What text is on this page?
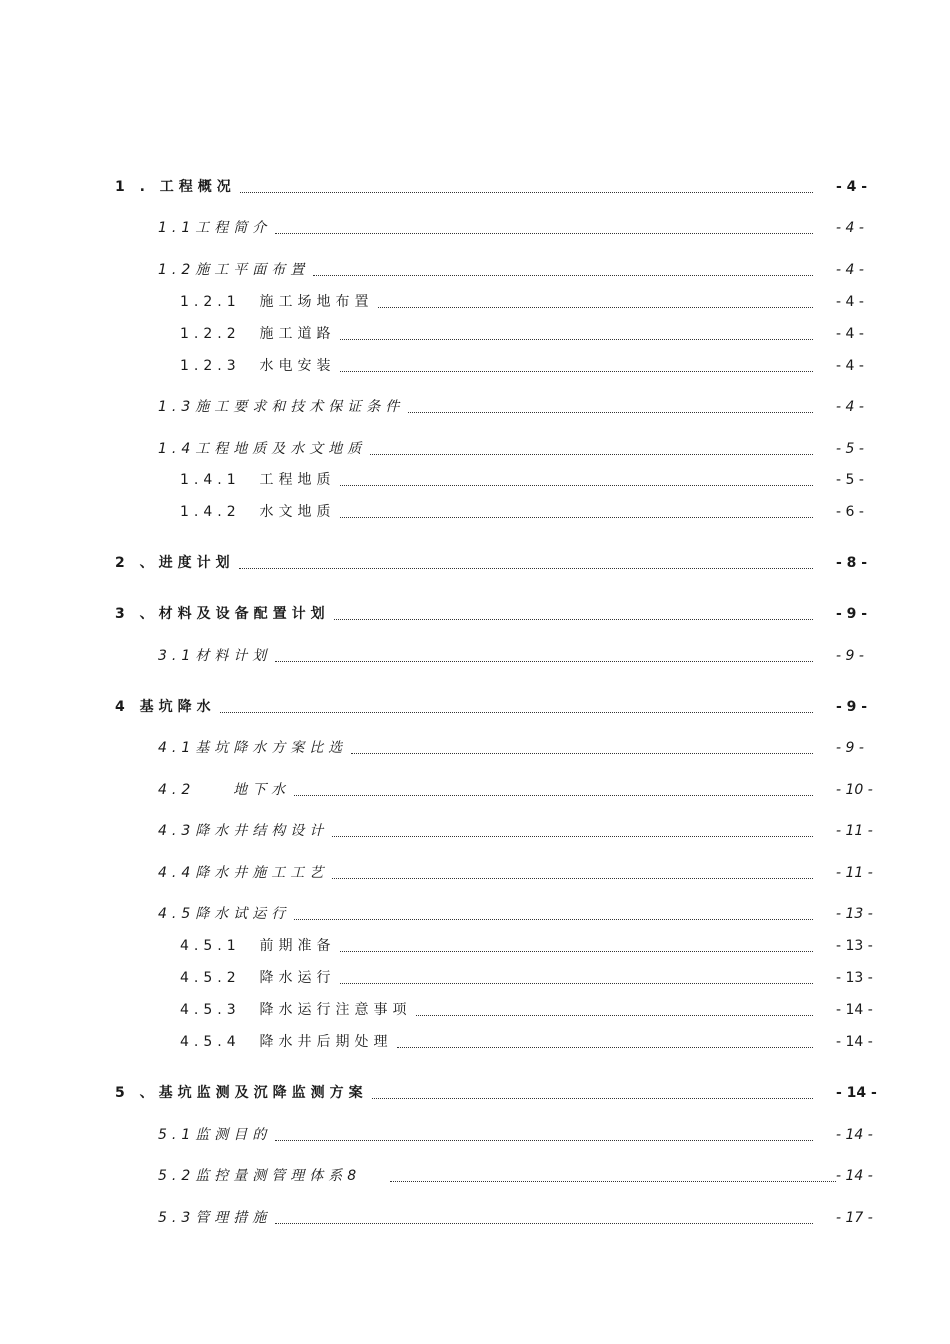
1 . 工程概况	- 4 -
1.1工程简介	- 4 -
1.2施工平面布置	- 4 -
1.2.1  施工场地布置	- 4 -
1.2.2  施工道路	- 4 -
1.2.3  水电安装	- 4 -
1.3施工要求和技术保证条件	- 4 -
1.4工程地质及水文地质	- 5 -
1.4.1  工程地质	- 5 -
1.4.2  水文地质	- 6 -
2 、进度计划	- 8 -
3 、材料及设备配置计划	- 9 -
3.1材料计划	- 9 -
4 基坑降水	- 9 -
4.1基坑降水方案比选	- 9 -
4.2    地下水	- 10 -
4.3降水井结构设计	- 11 -
4.4降水井施工工艺	- 11 -
4.5降水试运行	- 13 -
4.5.1  前期准备	- 13 -
4.5.2  降水运行	- 13 -
4.5.3  降水运行注意事项	- 14 -
4.5.4  降水井后期处理	- 14 -
5 、基坑监测及沉降监测方案	- 14 -
5.1监测目的	- 14 -
5.2监控量测管理体系8	- 14 -
5.3管理措施	- 17 -
